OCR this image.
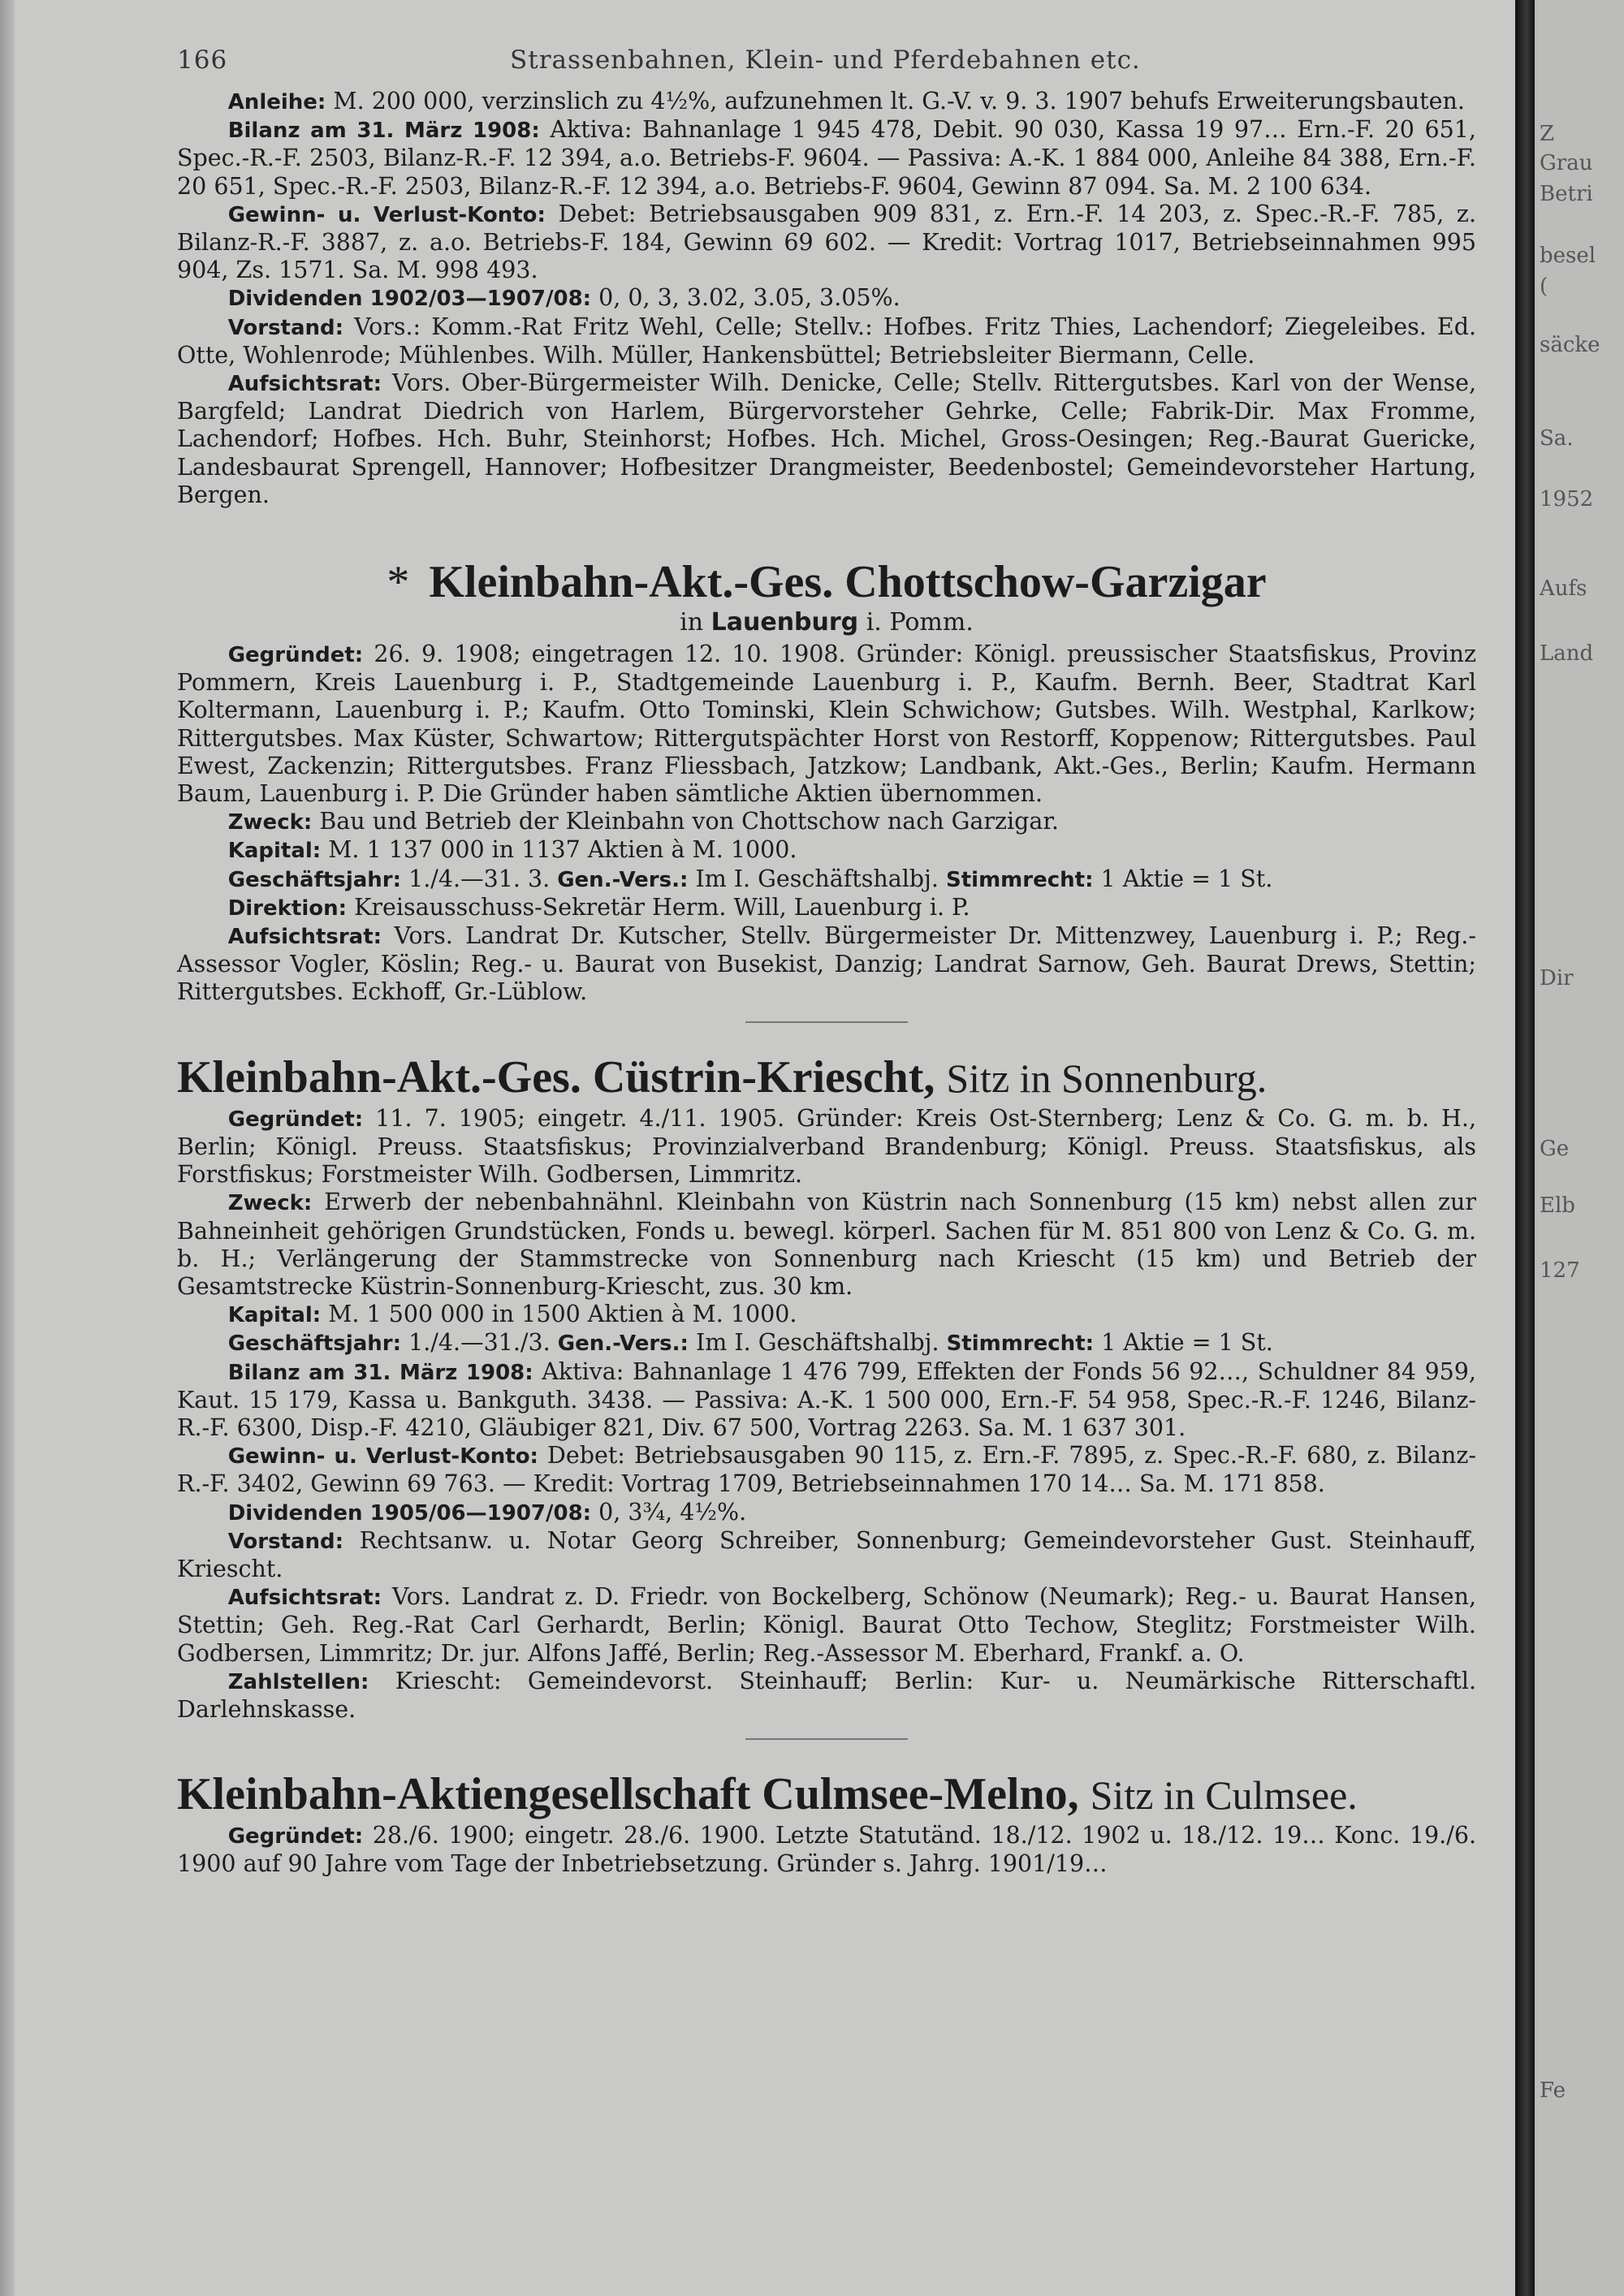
166	Strassenbahnen, Klein- und Pferdebahnen etc.

Anleihe: M. 200 000, verzinslich zu 4½%, aufzunehmen lt. G.-V. v. 9. 3. 1907 behufs Erweiterungsbauten.

Bilanz am 31. März 1908: Aktiva: Bahnanlage 1 945 478, Debit. 90 030, Kassa 19 97… Ern.-F. 20 651, Spec.-R.-F. 2503, Bilanz-R.-F. 12 394, a.o. Betriebs-F. 9604. — Passiva: A.-K. 1 884 000, Anleihe 84 388, Ern.-F. 20 651, Spec.-R.-F. 2503, Bilanz-R.-F. 12 394, a.o. Betriebs-F. 9604, Gewinn 87 094. Sa. M. 2 100 634.

Gewinn- u. Verlust-Konto: Debet: Betriebsausgaben 909 831, z. Ern.-F. 14 203, z. Spec.-R.-F. 785, z. Bilanz-R.-F. 3887, z. a.o. Betriebs-F. 184, Gewinn 69 602. — Kredit: Vortrag 1017, Betriebseinnahmen 995 904, Zs. 1571. Sa. M. 998 493.

Dividenden 1902/03—1907/08: 0, 0, 3, 3.02, 3.05, 3.05%.

Vorstand: Vors.: Komm.-Rat Fritz Wehl, Celle; Stellv.: Hofbes. Fritz Thies, Lachendorf; Ziegeleibes. Ed. Otte, Wohlenrode; Mühlenbes. Wilh. Müller, Hankensbüttel; Betriebsleiter Biermann, Celle.

Aufsichtsrat: Vors. Ober-Bürgermeister Wilh. Denicke, Celle; Stellv. Rittergutsbes. Karl von der Wense, Bargfeld; Landrat Diedrich von Harlem, Bürgervorsteher Gehrke, Celle; Fabrik-Dir. Max Fromme, Lachendorf; Hofbes. Hch. Buhr, Steinhorst; Hofbes. Hch. Michel, Gross-Oesingen; Reg.-Baurat Guericke, Landesbaurat Sprengell, Hannover; Hofbesitzer Drangmeister, Beedenbostel; Gemeindevorsteher Hartung, Bergen.

* Kleinbahn-Akt.-Ges. Chottschow-Garzigar
in Lauenburg i. Pomm.

Gegründet: 26. 9. 1908; eingetragen 12. 10. 1908. Gründer: Königl. preussischer Staatsfiskus, Provinz Pommern, Kreis Lauenburg i. P., Stadtgemeinde Lauenburg i. P., Kaufm. Bernh. Beer, Stadtrat Karl Koltermann, Lauenburg i. P.; Kaufm. Otto Tominski, Klein Schwichow; Gutsbes. Wilh. Westphal, Karlkow; Rittergutsbes. Max Küster, Schwartow; Rittergutspächter Horst von Restorff, Koppenow; Rittergutsbes. Paul Ewest, Zackenzin; Rittergutsbes. Franz Fliessbach, Jatzkow; Landbank, Akt.-Ges., Berlin; Kaufm. Hermann Baum, Lauenburg i. P. Die Gründer haben sämtliche Aktien übernommen.

Zweck: Bau und Betrieb der Kleinbahn von Chottschow nach Garzigar.

Kapital: M. 1 137 000 in 1137 Aktien à M. 1000.

Geschäftsjahr: 1./4.—31. 3. Gen.-Vers.: Im I. Geschäftshalbj. Stimmrecht: 1 Aktie = 1 St.

Direktion: Kreisausschuss-Sekretär Herm. Will, Lauenburg i. P.

Aufsichtsrat: Vors. Landrat Dr. Kutscher, Stellv. Bürgermeister Dr. Mittenzwey, Lauenburg i. P.; Reg.-Assessor Vogler, Köslin; Reg.- u. Baurat von Busekist, Danzig; Landrat Sarnow, Geh. Baurat Drews, Stettin; Rittergutsbes. Eckhoff, Gr.-Lüblow.

Kleinbahn-Akt.-Ges. Cüstrin-Kriescht, Sitz in Sonnenburg.

Gegründet: 11. 7. 1905; eingetr. 4./11. 1905. Gründer: Kreis Ost-Sternberg; Lenz & Co. G. m. b. H., Berlin; Königl. Preuss. Staatsfiskus; Provinzialverband Brandenburg; Königl. Preuss. Staatsfiskus, als Forstfiskus; Forstmeister Wilh. Godbersen, Limmritz.

Zweck: Erwerb der nebenbahnähnl. Kleinbahn von Küstrin nach Sonnenburg (15 km) nebst allen zur Bahneinheit gehörigen Grundstücken, Fonds u. bewegl. körperl. Sachen für M. 851 800 von Lenz & Co. G. m. b. H.; Verlängerung der Stammstrecke von Sonnenburg nach Kriescht (15 km) und Betrieb der Gesamtstrecke Küstrin-Sonnenburg-Kriescht, zus. 30 km.

Kapital: M. 1 500 000 in 1500 Aktien à M. 1000.

Geschäftsjahr: 1./4.—31./3. Gen.-Vers.: Im I. Geschäftshalbj. Stimmrecht: 1 Aktie = 1 St.

Bilanz am 31. März 1908: Aktiva: Bahnanlage 1 476 799, Effekten der Fonds 56 92…, Schuldner 84 959, Kaut. 15 179, Kassa u. Bankguth. 3438. — Passiva: A.-K. 1 500 000, Ern.-F. 54 958, Spec.-R.-F. 1246, Bilanz-R.-F. 6300, Disp.-F. 4210, Gläubiger 821, Div. 67 500, Vortrag 2263. Sa. M. 1 637 301.

Gewinn- u. Verlust-Konto: Debet: Betriebsausgaben 90 115, z. Ern.-F. 7895, z. Spec.-R.-F. 680, z. Bilanz-R.-F. 3402, Gewinn 69 763. — Kredit: Vortrag 1709, Betriebseinnahmen 170 14… Sa. M. 171 858.

Dividenden 1905/06—1907/08: 0, 3¾, 4½%.

Vorstand: Rechtsanw. u. Notar Georg Schreiber, Sonnenburg; Gemeindevorsteher Gust. Steinhauff, Kriescht.

Aufsichtsrat: Vors. Landrat z. D. Friedr. von Bockelberg, Schönow (Neumark); Reg.- u. Baurat Hansen, Stettin; Geh. Reg.-Rat Carl Gerhardt, Berlin; Königl. Baurat Otto Techow, Steglitz; Forstmeister Wilh. Godbersen, Limmritz; Dr. jur. Alfons Jaffé, Berlin; Reg.-Assessor M. Eberhard, Frankf. a. O.

Zahlstellen: Kriescht: Gemeindevorst. Steinhauff; Berlin: Kur- u. Neumärkische Ritterschaftl. Darlehnskasse.

Kleinbahn-Aktiengesellschaft Culmsee-Melno, Sitz in Culmsee.

Gegründet: 28./6. 1900; eingetr. 28./6. 1900. Letzte Statutänd. 18./12. 1902 u. 18./12. 19… Konc. 19./6. 1900 auf 90 Jahre vom Tage der Inbetriebsetzung. Gründer s. Jahrg. 1901/19…

Z
Grau
Betri
besel
(
säcke
Sa.
1952
Aufs
Land
Dir
Ge
Elb
127
Fe
